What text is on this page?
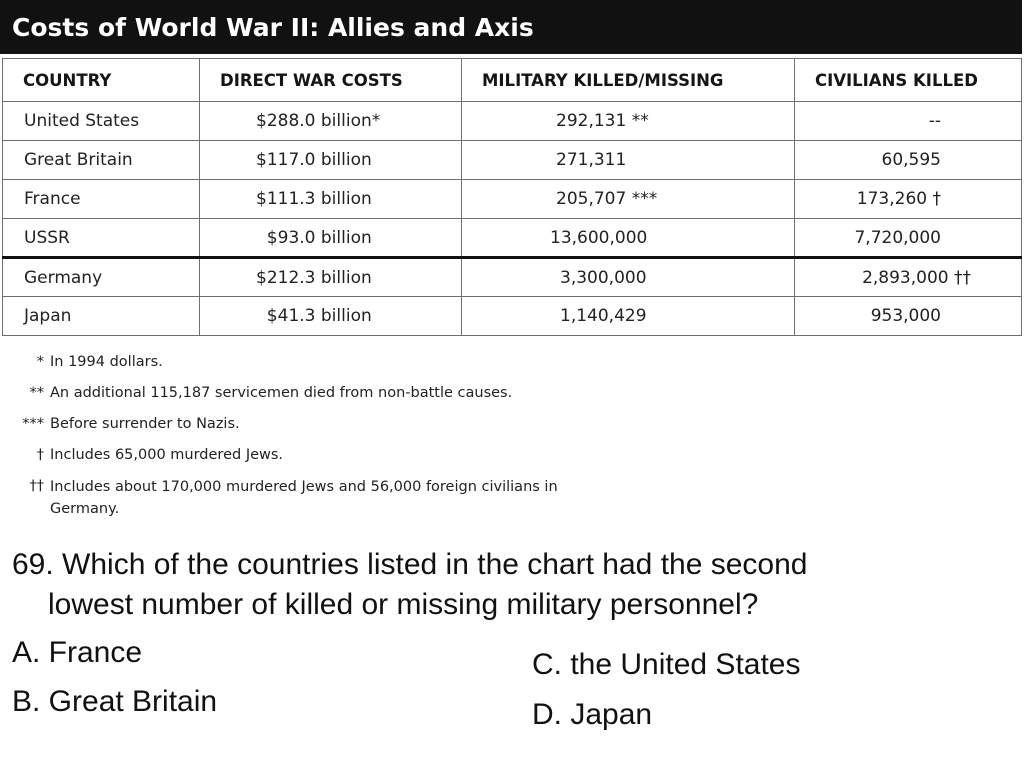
Costs of World War II: Allies and Axis
COUNTRY	DIRECT WAR COSTS	MILITARY KILLED/MISSING	CIVILIANS KILLED
United States	$288.0 billion*	292,131 **	--
Great Britain	$117.0 billion	271,311	60,595
France	$111.3 billion	205,707 ***	173,260 †
USSR	$93.0 billion	13,600,000	7,720,000
Germany	$212.3 billion	3,300,000	2,893,000 ††
Japan	$41.3 billion	1,140,429	953,000
* In 1994 dollars.
** An additional 115,187 servicemen died from non-battle causes.
*** Before surrender to Nazis.
† Includes 65,000 murdered Jews.
†† Includes about 170,000 murdered Jews and 56,000 foreign civilians in Germany.
69. Which of the countries listed in the chart had the second
lowest number of killed or missing military personnel?
A. France
B. Great Britain
C. the United States
D. Japan
